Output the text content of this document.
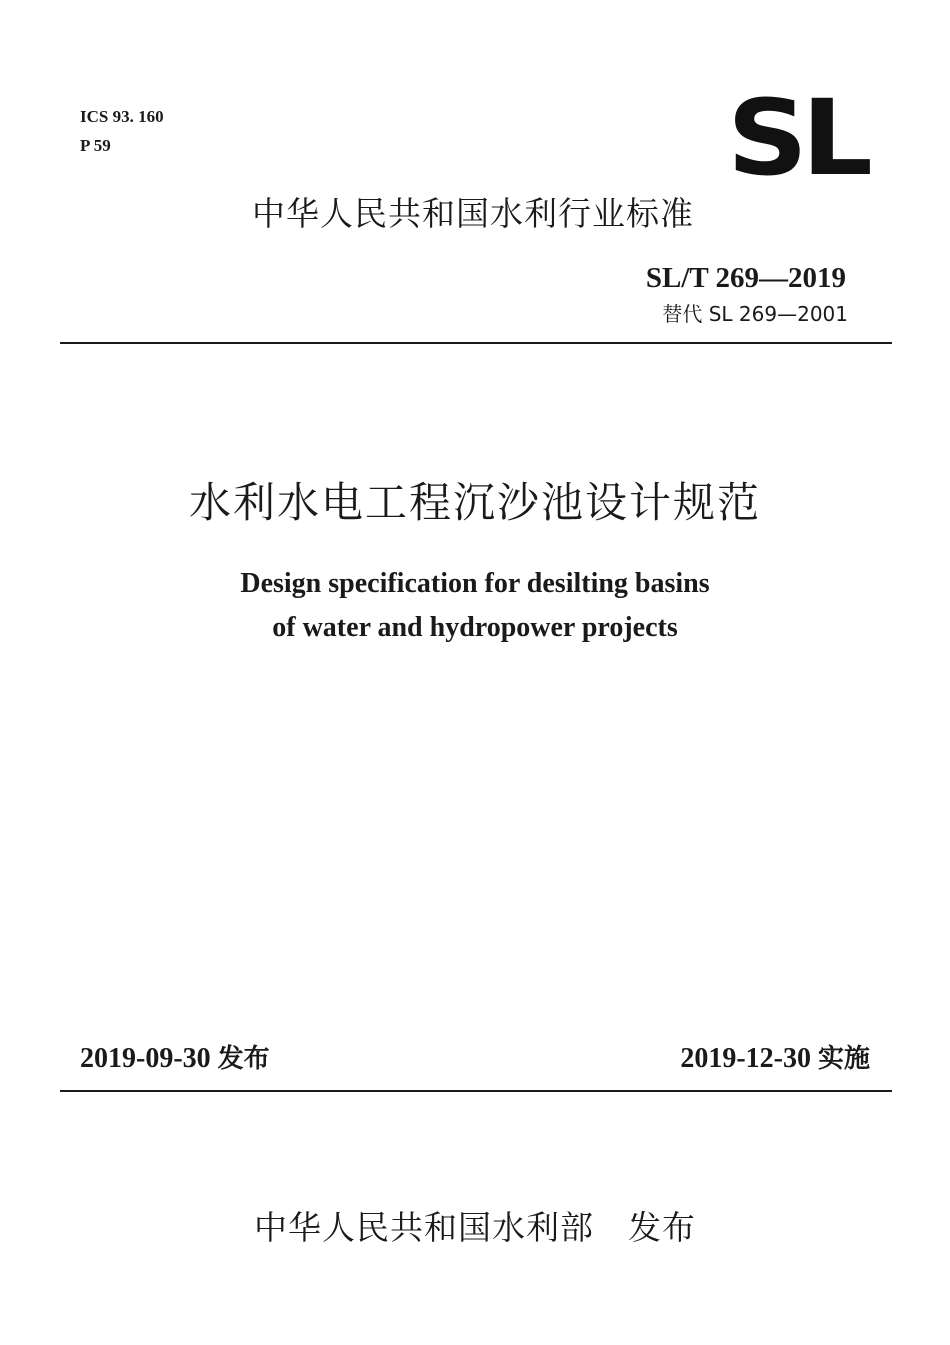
ICS 93. 160
P 59	SL
中华人民共和国水利行业标准
SL/T 269—2019
替代 SL 269—2001
水利水电工程沉沙池设计规范
Design specification for desilting basins
of water and hydropower projects
2019-09-30 发布	2019-12-30 实施
中华人民共和国水利部 发布
